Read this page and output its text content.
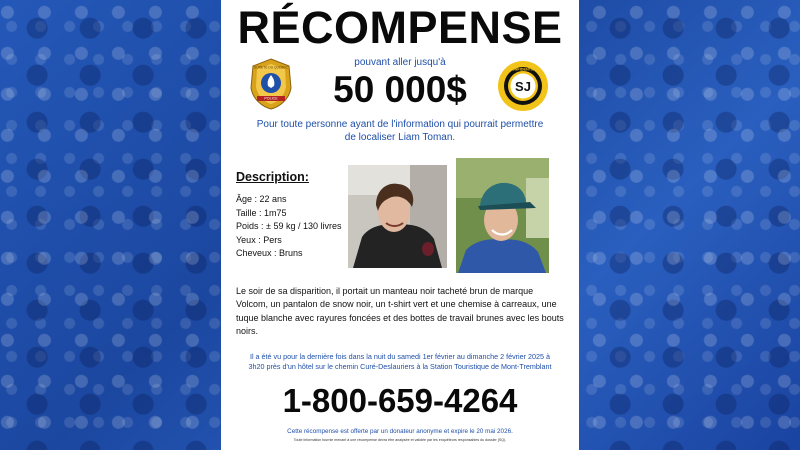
RÉCOMPENSE
SÛRETÉ DU QUÉBEC
POLICE
SJ
CONFIDENTIEL
pouvant aller jusqu'à
50 000$
Pour toute personne ayant de l'information qui pourrait permettre de localiser Liam Toman.
Description:
Âge : 22 ans
Taille : 1m75
Poids : ± 59 kg / 130 livres
Yeux : Pers
Cheveux : Bruns
Le soir de sa disparition, il portait un manteau noir tacheté brun de marque Volcom, un pantalon de snow noir, un t-shirt vert et une chemise à carreaux, une tuque blanche avec rayures foncées et des bottes de travail brunes avec les bouts noirs.
Il a été vu pour la dernière fois dans la nuit du samedi 1er février au dimanche 2 février 2025 à 3h20 près d'un hôtel sur le chemin Curé-Deslauriers à la Station Touristique de Mont-Tremblant
1-800-659-4264
Cette récompense est offerte par un donateur anonyme et expire le 20 mai 2026.
Toute information fournie menant à une récompense devra être analysée et validée par les enquêteurs responsables du dossier (SQ).
